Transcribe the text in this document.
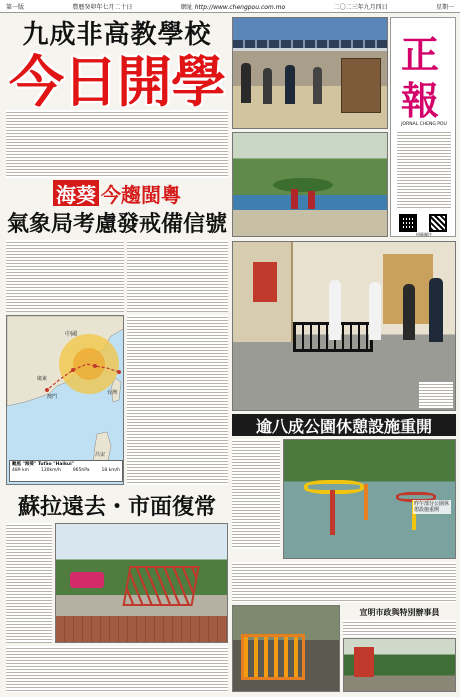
第一版	農曆癸卯年七月二十日	網址 http://www.chengpou.com.mo	二〇二三年九月四日	星期一
九成非高教學校
今日開學	正
報
JORNAL CHENG POU
掃碼關注
海葵 今趨閩粵
氣象局考慮發戒備信號
中國
廣東
澳門
台灣
呂宋
颱風 "海葵" Tufão "Haikui"
489 km	130km/h	965hPa	18 km/h
逾八成公園休憩設施重開
昨午部分公園休憩設施重開
蘇拉遠去・市面復常
宣明市政與特別辦事員
